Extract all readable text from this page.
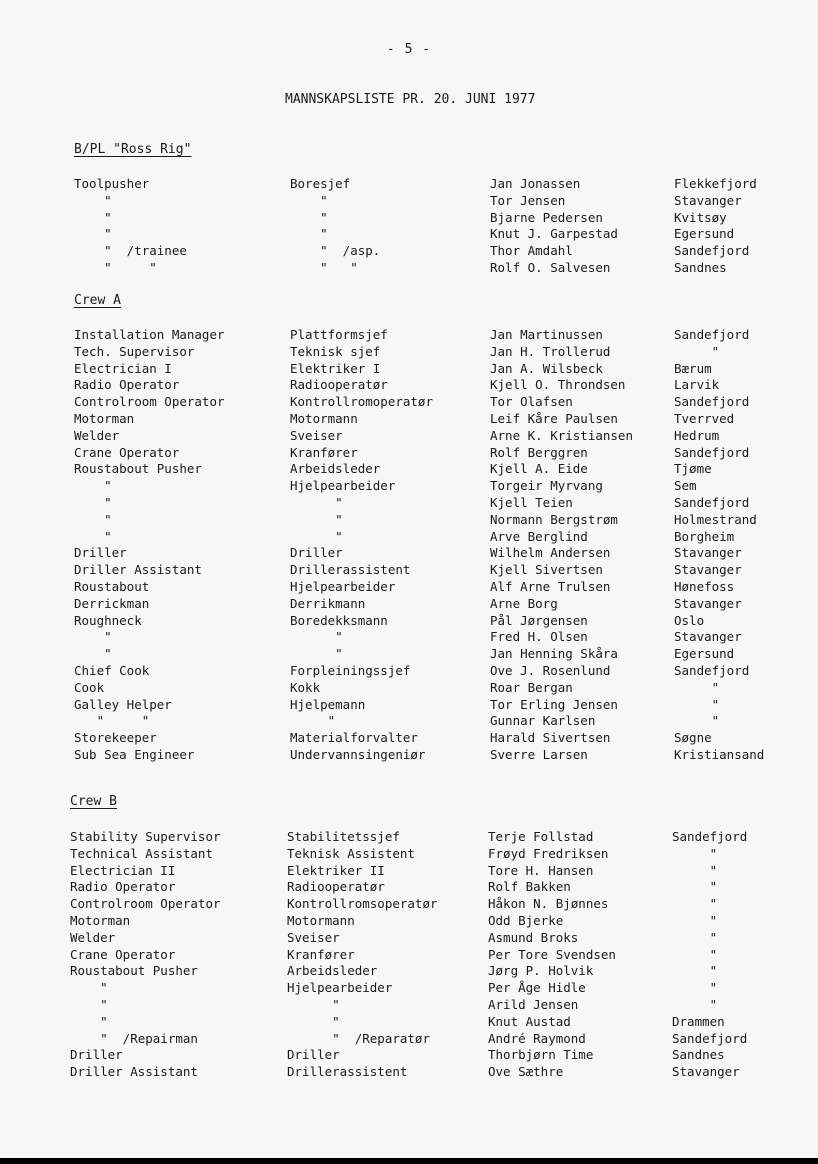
- 5 -
MANNSKAPSLISTE PR. 20. JUNI 1977
B/PL "Ross Rig"
Toolpusher	Boresjef	Jan Jonassen	Flekkefjord
"	"	Tor Jensen	Stavanger
"	"	Bjarne Pedersen	Kvitsøy
"	"	Knut J. Garpestad	Egersund
"  /trainee	"  /asp.	Thor Amdahl	Sandefjord
"     "	"   "	Rolf O. Salvesen	Sandnes
Crew A
Installation Manager	Plattformsjef	Jan Martinussen	Sandefjord
Tech. Supervisor	Teknisk sjef	Jan H. Trollerud	"
Electrician I	Elektriker I	Jan A. Wilsbeck	Bærum
Radio Operator	Radiooperatør	Kjell O. Throndsen	Larvik
Controlroom Operator	Kontrollromoperatør	Tor Olafsen	Sandefjord
Motorman	Motormann	Leif Kåre Paulsen	Tverrved
Welder	Sveiser	Arne K. Kristiansen	Hedrum
Crane Operator	Kranfører	Rolf Berggren	Sandefjord
Roustabout Pusher	Arbeidsleder	Kjell A. Eide	Tjøme
"	Hjelpearbeider	Torgeir Myrvang	Sem
"	"	Kjell Teien	Sandefjord
"	"	Normann Bergstrøm	Holmestrand
"	"	Arve Berglind	Borgheim
Driller	Driller	Wilhelm Andersen	Stavanger
Driller Assistant	Drillerassistent	Kjell Sivertsen	Stavanger
Roustabout	Hjelpearbeider	Alf Arne Trulsen	Hønefoss
Derrickman	Derrikmann	Arne Borg	Stavanger
Roughneck	Boredekksmann	Pål Jørgensen	Oslo
"	"	Fred H. Olsen	Stavanger
"	"	Jan Henning Skåra	Egersund
Chief Cook	Forpleiningssjef	Ove J. Rosenlund	Sandefjord
Cook	Kokk	Roar Bergan	"
Galley Helper	Hjelpemann	Tor Erling Jensen	"
"     "	"	Gunnar Karlsen	"
Storekeeper	Materialforvalter	Harald Sivertsen	Søgne
Sub Sea Engineer	Undervannsingeniør	Sverre Larsen	Kristiansand
Crew B
Stability Supervisor	Stabilitetssjef	Terje Follstad	Sandefjord
Technical Assistant	Teknisk Assistent	Frøyd Fredriksen	"
Electrician II	Elektriker II	Tore H. Hansen	"
Radio Operator	Radiooperatør	Rolf Bakken	"
Controlroom Operator	Kontrollromsoperatør	Håkon N. Bjønnes	"
Motorman	Motormann	Odd Bjerke	"
Welder	Sveiser	Asmund Broks	"
Crane Operator	Kranfører	Per Tore Svendsen	"
Roustabout Pusher	Arbeidsleder	Jørg P. Holvik	"
"	Hjelpearbeider	Per Åge Hidle	"
"	"	Arild Jensen	"
"	"	Knut Austad	Drammen
"  /Repairman	"  /Reparatør	André Raymond	Sandefjord
Driller	Driller	Thorbjørn Time	Sandnes
Driller Assistant	Drillerassistent	Ove Sæthre	Stavanger
